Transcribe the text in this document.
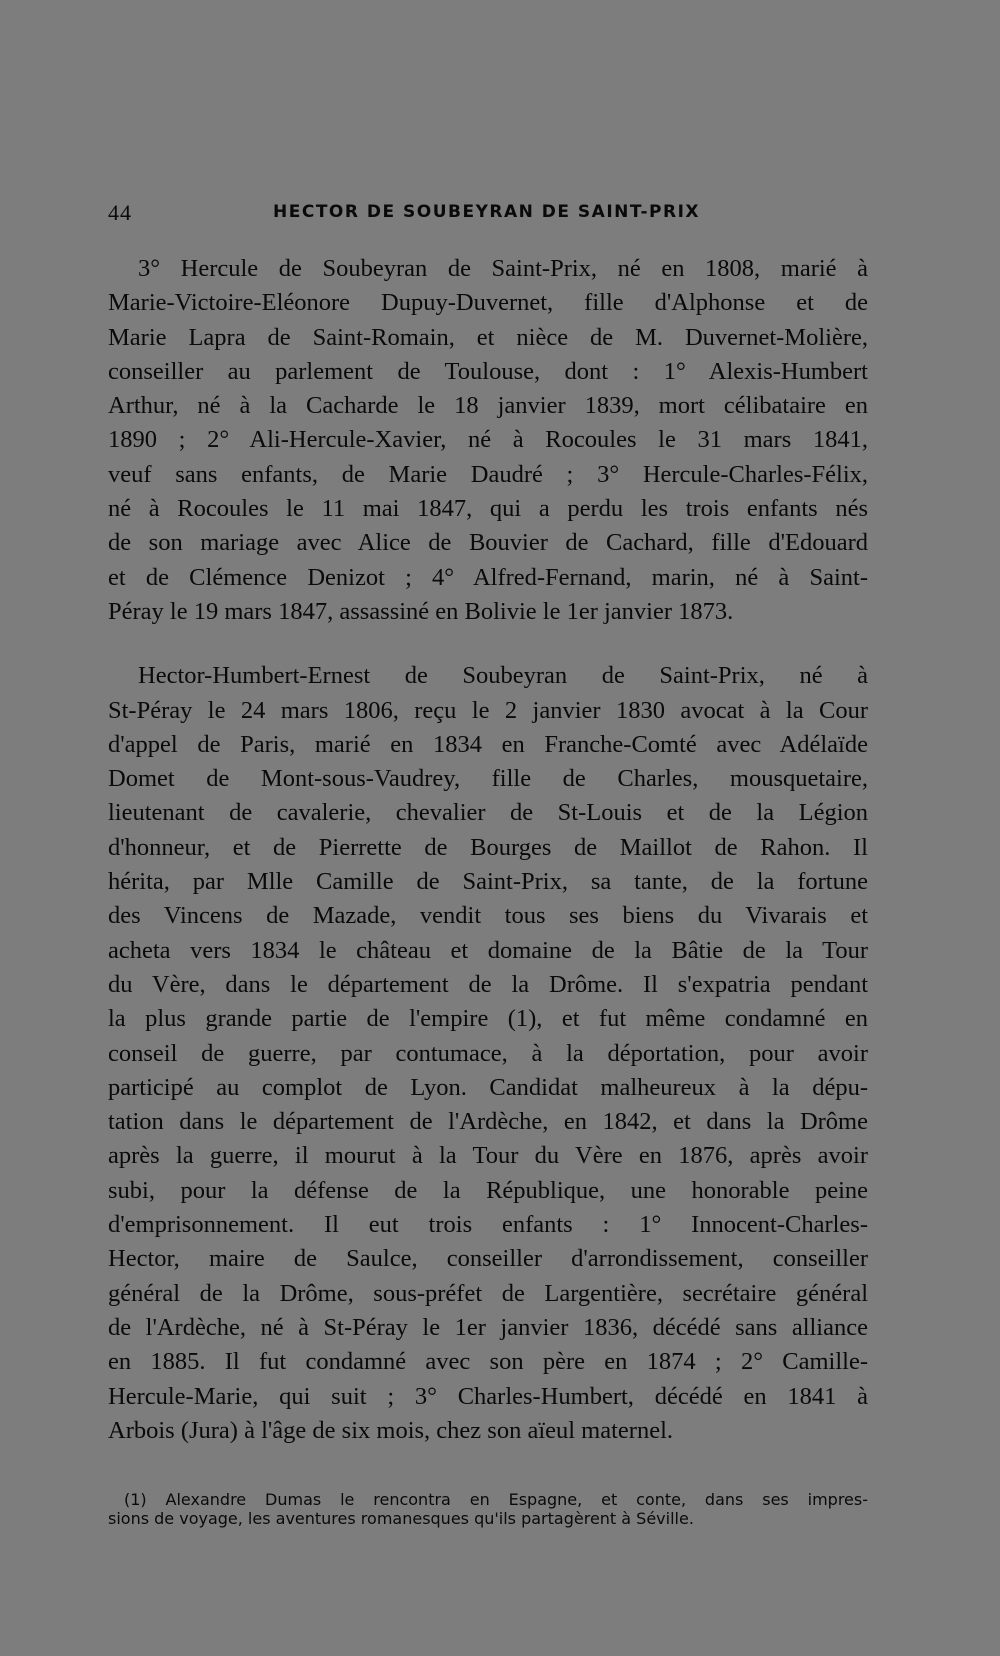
44	HECTOR DE SOUBEYRAN DE SAINT-PRIX
3° Hercule de Soubeyran de Saint-Prix, né en 1808, marié à
Marie-Victoire-Eléonore Dupuy-Duvernet, fille d'Alphonse et de
Marie Lapra de Saint-Romain, et nièce de M. Duvernet-Molière,
conseiller au parlement de Toulouse, dont : 1° Alexis-Humbert
Arthur, né à la Cacharde le 18 janvier 1839, mort célibataire en
1890 ; 2° Ali-Hercule-Xavier, né à Rocoules le 31 mars 1841,
veuf sans enfants, de Marie Daudré ; 3° Hercule-Charles-Félix,
né à Rocoules le 11 mai 1847, qui a perdu les trois enfants nés
de son mariage avec Alice de Bouvier de Cachard, fille d'Edouard
et de Clémence Denizot ; 4° Alfred-Fernand, marin, né à Saint-
Péray le 19 mars 1847, assassiné en Bolivie le 1er janvier 1873.
Hector-Humbert-Ernest de Soubeyran de Saint-Prix, né à
St-Péray le 24 mars 1806, reçu le 2 janvier 1830 avocat à la Cour
d'appel de Paris, marié en 1834 en Franche-Comté avec Adélaïde
Domet de Mont-sous-Vaudrey, fille de Charles, mousquetaire,
lieutenant de cavalerie, chevalier de St-Louis et de la Légion
d'honneur, et de Pierrette de Bourges de Maillot de Rahon. Il
hérita, par Mlle Camille de Saint-Prix, sa tante, de la fortune
des Vincens de Mazade, vendit tous ses biens du Vivarais et
acheta vers 1834 le château et domaine de la Bâtie de la Tour
du Vère, dans le département de la Drôme. Il s'expatria pendant
la plus grande partie de l'empire (1), et fut même condamné en
conseil de guerre, par contumace, à la déportation, pour avoir
participé au complot de Lyon. Candidat malheureux à la dépu-
tation dans le département de l'Ardèche, en 1842, et dans la Drôme
après la guerre, il mourut à la Tour du Vère en 1876, après avoir
subi, pour la défense de la République, une honorable peine
d'emprisonnement. Il eut trois enfants : 1° Innocent-Charles-
Hector, maire de Saulce, conseiller d'arrondissement, conseiller
général de la Drôme, sous-préfet de Largentière, secrétaire général
de l'Ardèche, né à St-Péray le 1er janvier 1836, décédé sans alliance
en 1885. Il fut condamné avec son père en 1874 ; 2° Camille-
Hercule-Marie, qui suit ; 3° Charles-Humbert, décédé en 1841 à
Arbois (Jura) à l'âge de six mois, chez son aïeul maternel.
(1) Alexandre Dumas le rencontra en Espagne, et conte, dans ses impres-
sions de voyage, les aventures romanesques qu'ils partagèrent à Séville.
